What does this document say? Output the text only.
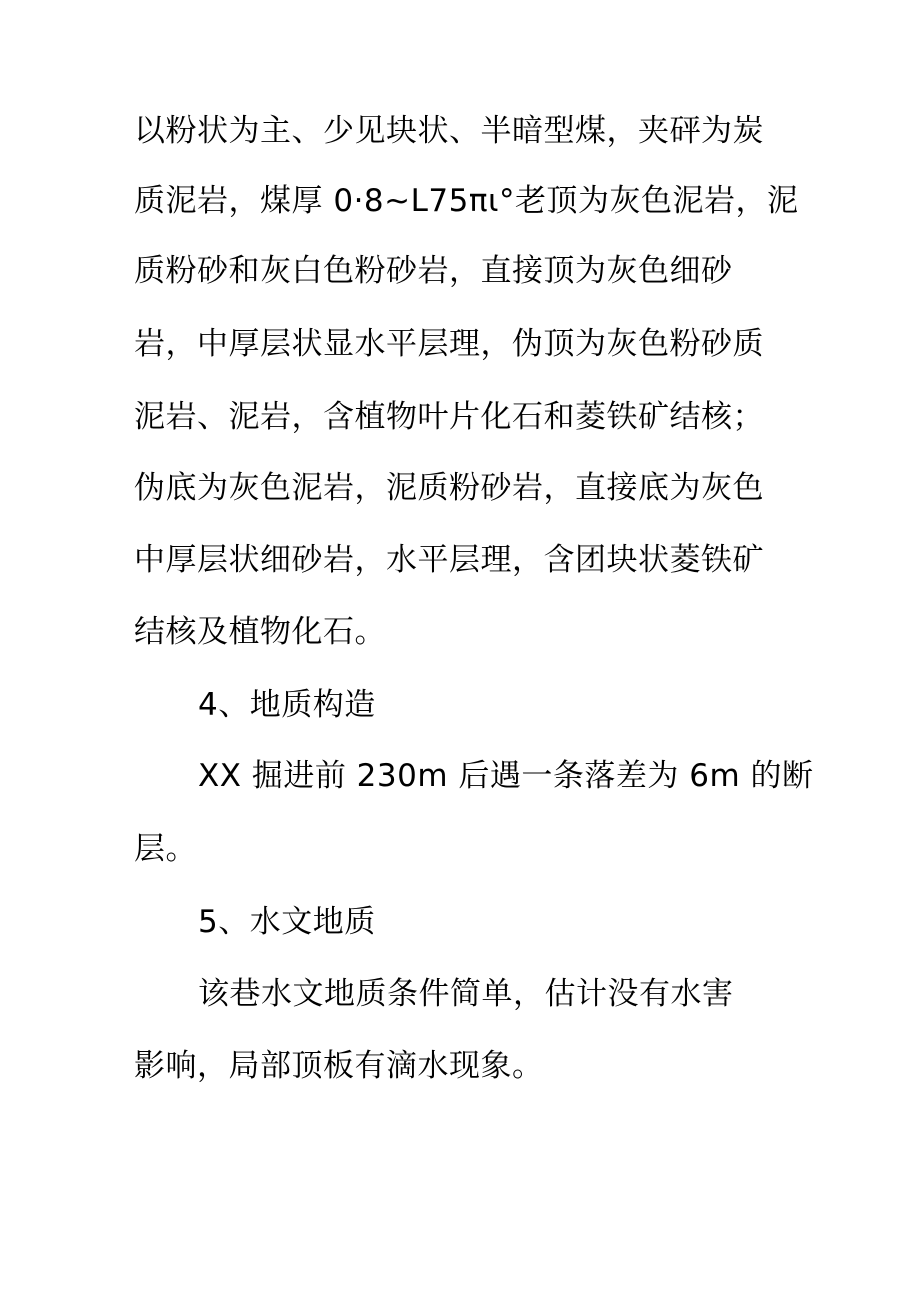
以粉状为主、少见块状、半暗型煤，夹砰为炭
质泥岩，煤厚 0·8~L75πι°老顶为灰色泥岩，泥
质粉砂和灰白色粉砂岩，直接顶为灰色细砂
岩，中厚层状显水平层理，伪顶为灰色粉砂质
泥岩、泥岩，含植物叶片化石和菱铁矿结核；
伪底为灰色泥岩，泥质粉砂岩，直接底为灰色
中厚层状细砂岩，水平层理，含团块状菱铁矿
结核及植物化石。
4、地质构造
XX 掘进前 230m 后遇一条落差为 6m 的断
层。
5、水文地质
该巷水文地质条件简单，估计没有水害
影响，局部顶板有滴水现象。
